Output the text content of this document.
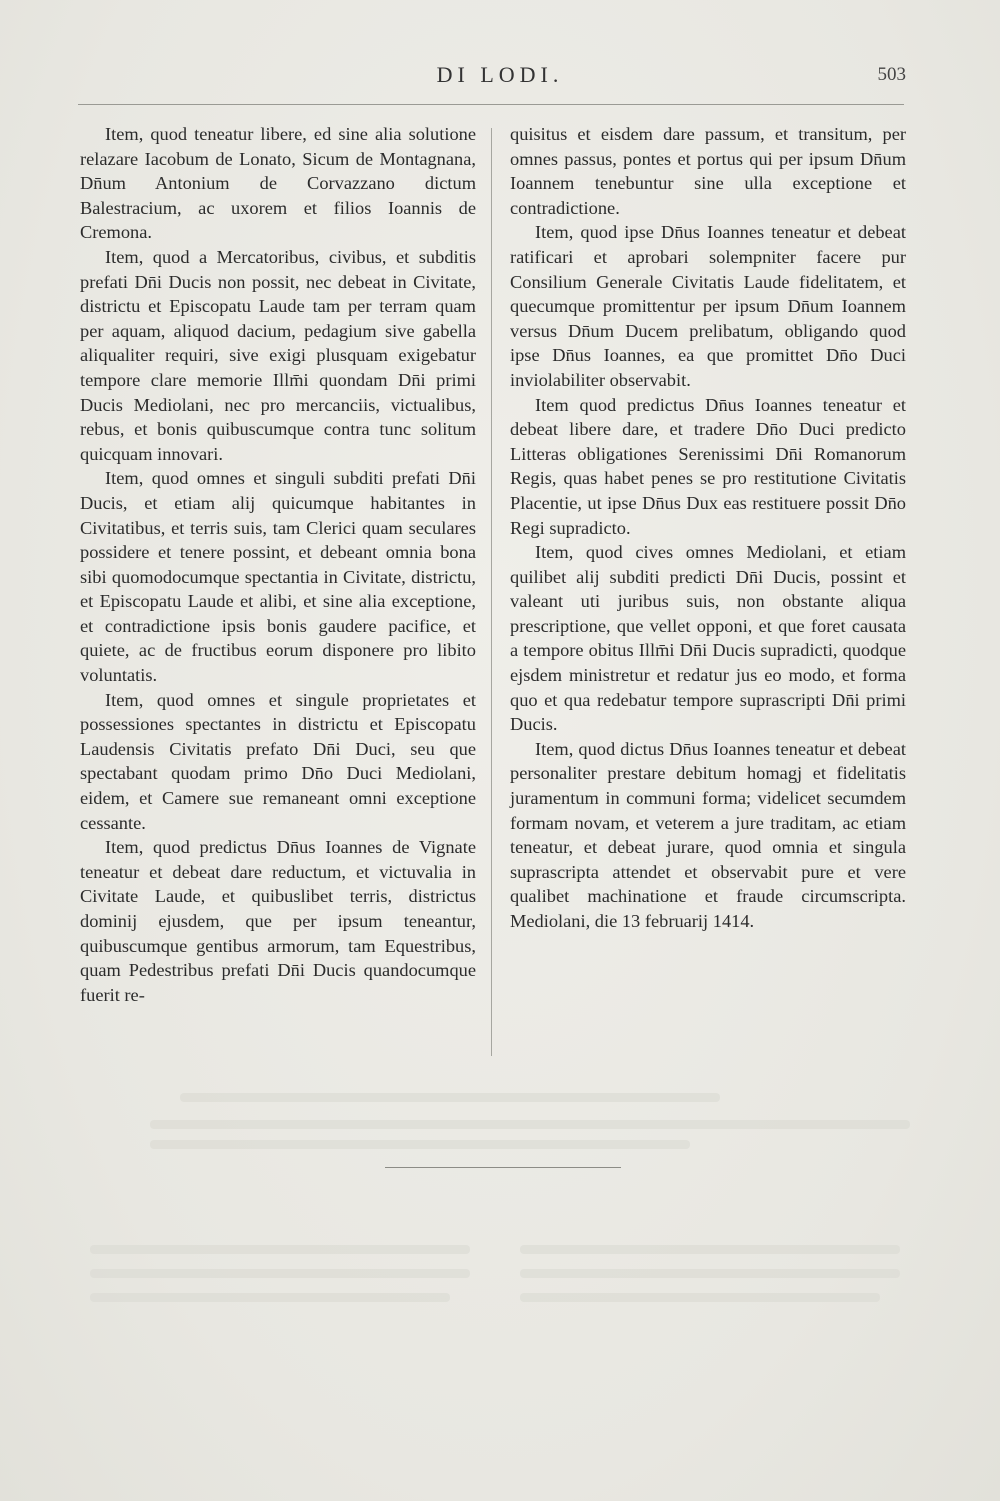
DI LODI.	503

Item, quod teneatur libere, ed sine alia solutione relazare Iacobum de Lonato, Sicum de Montagnana, Dn̄um Antonium de Corvazzano dictum Balestracium, ac uxorem et filios Ioannis de Cremona.

Item, quod a Mercatoribus, civibus, et subditis prefati Dn̄i Ducis non possit, nec debeat in Civitate, districtu et Episcopatu Laude tam per terram quam per aquam, aliquod dacium, pedagium sive gabella aliqualiter requiri, sive exigi plusquam exigebatur tempore clare memorie Illm̄i quondam Dn̄i primi Ducis Mediolani, nec pro mercanciis, victualibus, rebus, et bonis quibuscumque contra tunc solitum quicquam innovari.

Item, quod omnes et singuli subditi prefati Dn̄i Ducis, et etiam alij quicumque habitantes in Civitatibus, et terris suis, tam Clerici quam seculares possidere et tenere possint, et debeant omnia bona sibi quomodocumque spectantia in Civitate, districtu, et Episcopatu Laude et alibi, et sine alia exceptione, et contradictione ipsis bonis gaudere pacifice, et quiete, ac de fructibus eorum disponere pro libito voluntatis.

Item, quod omnes et singule proprietates et possessiones spectantes in districtu et Episcopatu Laudensis Civitatis prefato Dn̄i Duci, seu que spectabant quodam primo Dn̄o Duci Mediolani, eidem, et Camere sue remaneant omni exceptione cessante.

Item, quod predictus Dn̄us Ioannes de Vignate teneatur et debeat dare reductum, et victuvalia in Civitate Laude, et quibuslibet terris, districtus dominij ejusdem, que per ipsum teneantur, quibuscumque gentibus armorum, tam Equestribus, quam Pedestribus prefati Dn̄i Ducis quandocumque fuerit re-

quisitus et eisdem dare passum, et transitum, per omnes passus, pontes et portus qui per ipsum Dn̄um Ioannem tenebuntur sine ulla exceptione et contradictione.

Item, quod ipse Dn̄us Ioannes teneatur et debeat ratificari et aprobari solempniter facere pur Consilium Generale Civitatis Laude fidelitatem, et quecumque promittentur per ipsum Dn̄um Ioannem versus Dn̄um Ducem prelibatum, obligando quod ipse Dn̄us Ioannes, ea que promittet Dn̄o Duci inviolabiliter observabit.

Item quod predictus Dn̄us Ioannes teneatur et debeat libere dare, et tradere Dn̄o Duci predicto Litteras obligationes Serenissimi Dn̄i Romanorum Regis, quas habet penes se pro restitutione Civitatis Placentie, ut ipse Dn̄us Dux eas restituere possit Dn̄o Regi supradicto.

Item, quod cives omnes Mediolani, et etiam quilibet alij subditi predicti Dn̄i Ducis, possint et valeant uti juribus suis, non obstante aliqua prescriptione, que vellet opponi, et que foret causata a tempore obitus Illm̄i Dn̄i Ducis supradicti, quodque ejsdem ministretur et redatur jus eo modo, et forma quo et qua redebatur tempore suprascripti Dn̄i primi Ducis.

Item, quod dictus Dn̄us Ioannes teneatur et debeat personaliter prestare debitum homagj et fidelitatis juramentum in communi forma; videlicet secumdem formam novam, et veterem a jure traditam, ac etiam teneatur, et debeat jurare, quod omnia et singula suprascripta attendet et observabit pure et vere qualibet machinatione et fraude circumscripta. Mediolani, die 13 februarij 1414.
